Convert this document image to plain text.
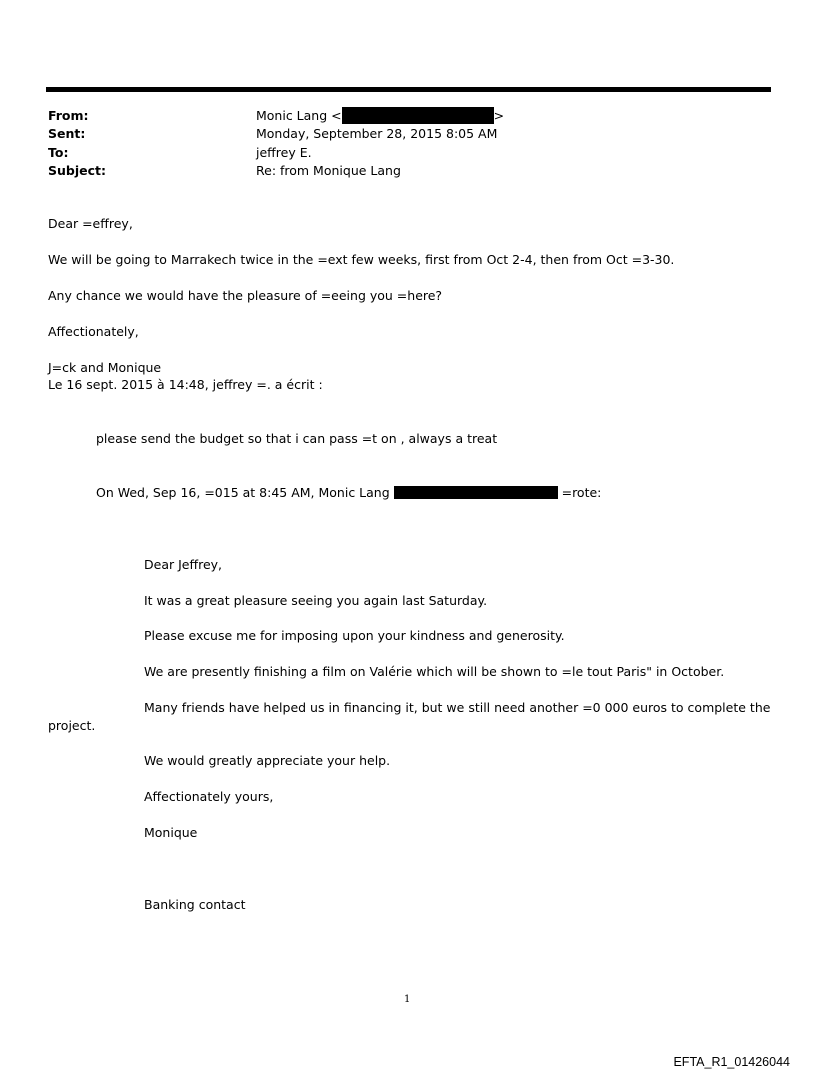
From:	Monic Lang <	>
Sent:	Monday, September 28, 2015 8:05 AM
To:	jeffrey E.
Subject:	Re: from Monique Lang
Dear =effrey,
We will be going to Marrakech twice in the =ext few weeks, first from Oct 2-4, then from Oct =3-30.
Any chance we would have the pleasure of =eeing you =here?
Affectionately,
J=ck and Monique
Le 16 sept. 2015 à 14:48, jeffrey =. a écrit :
please send the budget so that i can pass =t on , always a treat
On Wed, Sep 16, =015 at 8:45 AM, Monic Lang	=rote:
Dear Jeffrey,
It was a great pleasure seeing you again last Saturday.
Please excuse me for imposing upon your kindness and generosity.
We are presently finishing a film on Valérie which will be shown to =le tout Paris" in October.
Many friends have helped us in financing it, but we still need another =0 000 euros to complete the
project.
We would greatly appreciate your help.
Affectionately yours,
Monique
Banking contact
1
EFTA_R1_01426044
